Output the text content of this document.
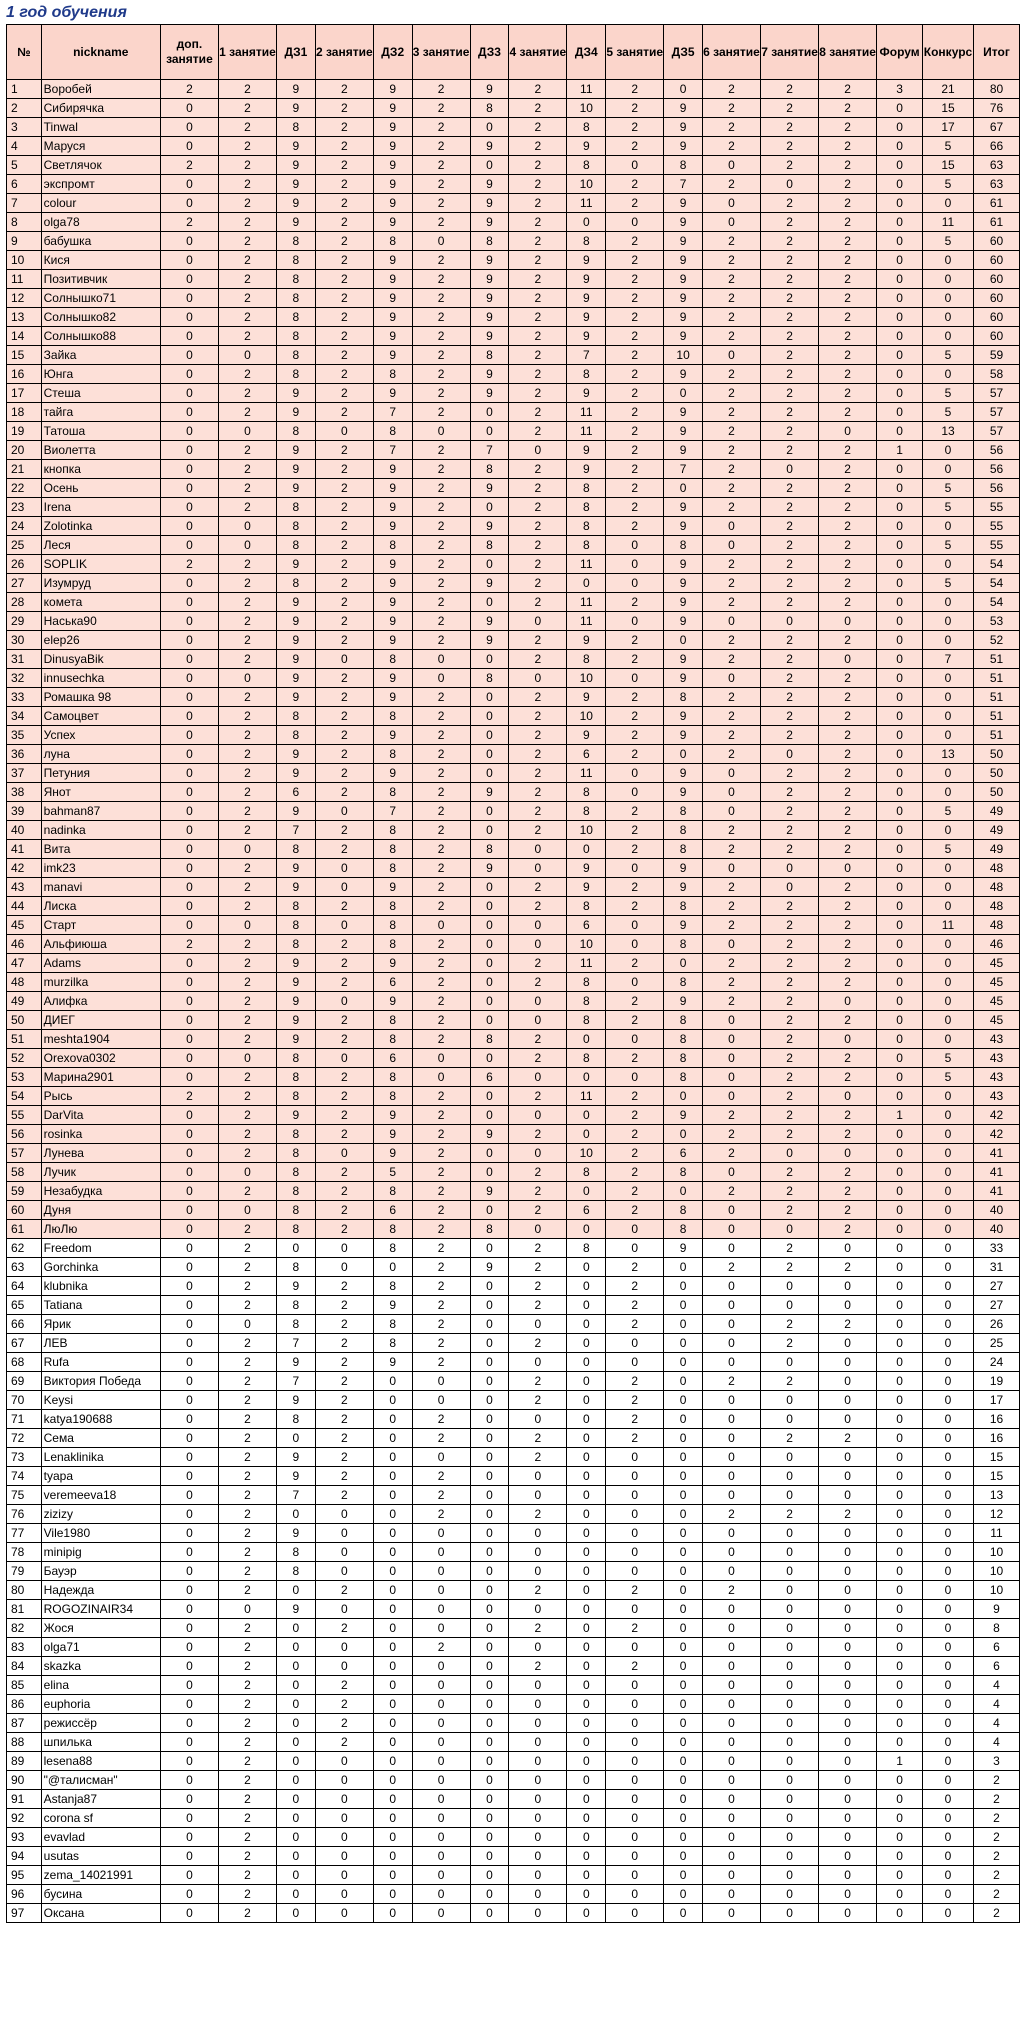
1 год обучения
№	nickname	доп. занятие	1 занятие	ДЗ1	2 занятие	ДЗ2	3 занятие	ДЗ3	4 занятие	ДЗ4	5 занятие	ДЗ5	6 занятие	7 занятие	8 занятие	Форум	Конкурс	Итог
1	Воробей	2	2	9	2	9	2	9	2	11	2	0	2	2	2	3	21	80
2	Сибирячка	0	2	9	2	9	2	8	2	10	2	9	2	2	2	0	15	76
3	Tinwal	0	2	8	2	9	2	0	2	8	2	9	2	2	2	0	17	67
4	Маруся	0	2	9	2	9	2	9	2	9	2	9	2	2	2	0	5	66
5	Светлячок	2	2	9	2	9	2	0	2	8	0	8	0	2	2	0	15	63
6	экспромт	0	2	9	2	9	2	9	2	10	2	7	2	0	2	0	5	63
7	colour	0	2	9	2	9	2	9	2	11	2	9	0	2	2	0	0	61
8	olga78	2	2	9	2	9	2	9	2	0	0	9	0	2	2	0	11	61
9	бабушка	0	2	8	2	8	0	8	2	8	2	9	2	2	2	0	5	60
10	Кися	0	2	8	2	9	2	9	2	9	2	9	2	2	2	0	0	60
11	Позитивчик	0	2	8	2	9	2	9	2	9	2	9	2	2	2	0	0	60
12	Солнышко71	0	2	8	2	9	2	9	2	9	2	9	2	2	2	0	0	60
13	Солнышко82	0	2	8	2	9	2	9	2	9	2	9	2	2	2	0	0	60
14	Солнышко88	0	2	8	2	9	2	9	2	9	2	9	2	2	2	0	0	60
15	Зайка	0	0	8	2	9	2	8	2	7	2	10	0	2	2	0	5	59
16	Юнга	0	2	8	2	8	2	9	2	8	2	9	2	2	2	0	0	58
17	Стеша	0	2	9	2	9	2	9	2	9	2	0	2	2	2	0	5	57
18	тайга	0	2	9	2	7	2	0	2	11	2	9	2	2	2	0	5	57
19	Татоша	0	0	8	0	8	0	0	2	11	2	9	2	2	0	0	13	57
20	Виолетта	0	2	9	2	7	2	7	0	9	2	9	2	2	2	1	0	56
21	кнопка	0	2	9	2	9	2	8	2	9	2	7	2	0	2	0	0	56
22	Осень	0	2	9	2	9	2	9	2	8	2	0	2	2	2	0	5	56
23	Irena	0	2	8	2	9	2	0	2	8	2	9	2	2	2	0	5	55
24	Zolotinka	0	0	8	2	9	2	9	2	8	2	9	0	2	2	0	0	55
25	Леся	0	0	8	2	8	2	8	2	8	0	8	0	2	2	0	5	55
26	SOPLIK	2	2	9	2	9	2	0	2	11	0	9	2	2	2	0	0	54
27	Изумруд	0	2	8	2	9	2	9	2	0	0	9	2	2	2	0	5	54
28	комета	0	2	9	2	9	2	0	2	11	2	9	2	2	2	0	0	54
29	Наська90	0	2	9	2	9	2	9	0	11	0	9	0	0	0	0	0	53
30	elep26	0	2	9	2	9	2	9	2	9	2	0	2	2	2	0	0	52
31	DinusyaBik	0	2	9	0	8	0	0	2	8	2	9	2	2	0	0	7	51
32	innusechka	0	0	9	2	9	0	8	0	10	0	9	0	2	2	0	0	51
33	Ромашка 98	0	2	9	2	9	2	0	2	9	2	8	2	2	2	0	0	51
34	Самоцвет	0	2	8	2	8	2	0	2	10	2	9	2	2	2	0	0	51
35	Успех	0	2	8	2	9	2	0	2	9	2	9	2	2	2	0	0	51
36	луна	0	2	9	2	8	2	0	2	6	2	0	2	0	2	0	13	50
37	Петуния	0	2	9	2	9	2	0	2	11	0	9	0	2	2	0	0	50
38	Янот	0	2	6	2	8	2	9	2	8	0	9	0	2	2	0	0	50
39	bahman87	0	2	9	0	7	2	0	2	8	2	8	0	2	2	0	5	49
40	nadinka	0	2	7	2	8	2	0	2	10	2	8	2	2	2	0	0	49
41	Вита	0	0	8	2	8	2	8	0	0	2	8	2	2	2	0	5	49
42	imk23	0	2	9	0	8	2	9	0	9	0	9	0	0	0	0	0	48
43	manavi	0	2	9	0	9	2	0	2	9	2	9	2	0	2	0	0	48
44	Лиска	0	2	8	2	8	2	0	2	8	2	8	2	2	2	0	0	48
45	Старт	0	0	8	0	8	0	0	0	6	0	9	2	2	2	0	11	48
46	Альфиюша	2	2	8	2	8	2	0	0	10	0	8	0	2	2	0	0	46
47	Adams	0	2	9	2	9	2	0	2	11	2	0	2	2	2	0	0	45
48	murzilka	0	2	9	2	6	2	0	2	8	0	8	2	2	2	0	0	45
49	Алифка	0	2	9	0	9	2	0	0	8	2	9	2	2	0	0	0	45
50	ДИЕГ	0	2	9	2	8	2	0	0	8	2	8	0	2	2	0	0	45
51	meshta1904	0	2	9	2	8	2	8	2	0	0	8	0	2	0	0	0	43
52	Orexova0302	0	0	8	0	6	0	0	2	8	2	8	0	2	2	0	5	43
53	Марина2901	0	2	8	2	8	0	6	0	0	0	8	0	2	2	0	5	43
54	Рысь	2	2	8	2	8	2	0	2	11	2	0	0	2	0	0	0	43
55	DarVita	0	2	9	2	9	2	0	0	0	2	9	2	2	2	1	0	42
56	rosinka	0	2	8	2	9	2	9	2	0	2	0	2	2	2	0	0	42
57	Лунева	0	2	8	0	9	2	0	0	10	2	6	2	0	0	0	0	41
58	Лучик	0	0	8	2	5	2	0	2	8	2	8	0	2	2	0	0	41
59	Незабудка	0	2	8	2	8	2	9	2	0	2	0	2	2	2	0	0	41
60	Дуня	0	0	8	2	6	2	0	2	6	2	8	0	2	2	0	0	40
61	ЛюЛю	0	2	8	2	8	2	8	0	0	0	8	0	0	2	0	0	40
62	Freedom	0	2	0	0	8	2	0	2	8	0	9	0	2	0	0	0	33
63	Gorchinka	0	2	8	0	0	2	9	2	0	2	0	2	2	2	0	0	31
64	klubnika	0	2	9	2	8	2	0	2	0	2	0	0	0	0	0	0	27
65	Tatiana	0	2	8	2	9	2	0	2	0	2	0	0	0	0	0	0	27
66	Ярик	0	0	8	2	8	2	0	0	0	2	0	0	2	2	0	0	26
67	ЛЕВ	0	2	7	2	8	2	0	2	0	0	0	0	2	0	0	0	25
68	Rufa	0	2	9	2	9	2	0	0	0	0	0	0	0	0	0	0	24
69	Виктория Победа	0	2	7	2	0	0	0	2	0	2	0	2	2	0	0	0	19
70	Keysi	0	2	9	2	0	0	0	2	0	2	0	0	0	0	0	0	17
71	katya190688	0	2	8	2	0	2	0	0	0	2	0	0	0	0	0	0	16
72	Сема	0	2	0	2	0	2	0	2	0	2	0	0	2	2	0	0	16
73	Lenaklinika	0	2	9	2	0	0	0	2	0	0	0	0	0	0	0	0	15
74	tyapa	0	2	9	2	0	2	0	0	0	0	0	0	0	0	0	0	15
75	veremeeva18	0	2	7	2	0	2	0	0	0	0	0	0	0	0	0	0	13
76	zizizy	0	2	0	0	0	2	0	2	0	0	0	2	2	2	0	0	12
77	Vile1980	0	2	9	0	0	0	0	0	0	0	0	0	0	0	0	0	11
78	minipig	0	2	8	0	0	0	0	0	0	0	0	0	0	0	0	0	10
79	Бауэр	0	2	8	0	0	0	0	0	0	0	0	0	0	0	0	0	10
80	Надежда	0	2	0	2	0	0	0	2	0	2	0	2	0	0	0	0	10
81	ROGOZINAIR34	0	0	9	0	0	0	0	0	0	0	0	0	0	0	0	0	9
82	Жося	0	2	0	2	0	0	0	2	0	2	0	0	0	0	0	0	8
83	olga71	0	2	0	0	0	2	0	0	0	0	0	0	0	0	0	0	6
84	skazka	0	2	0	0	0	0	0	2	0	2	0	0	0	0	0	0	6
85	elina	0	2	0	2	0	0	0	0	0	0	0	0	0	0	0	0	4
86	euphoria	0	2	0	2	0	0	0	0	0	0	0	0	0	0	0	0	4
87	режиссёр	0	2	0	2	0	0	0	0	0	0	0	0	0	0	0	0	4
88	шпилька	0	2	0	2	0	0	0	0	0	0	0	0	0	0	0	0	4
89	lesena88	0	2	0	0	0	0	0	0	0	0	0	0	0	0	1	0	3
90	"@талисман"	0	2	0	0	0	0	0	0	0	0	0	0	0	0	0	0	2
91	Astanja87	0	2	0	0	0	0	0	0	0	0	0	0	0	0	0	0	2
92	corona sf	0	2	0	0	0	0	0	0	0	0	0	0	0	0	0	0	2
93	evavlad	0	2	0	0	0	0	0	0	0	0	0	0	0	0	0	0	2
94	usutas	0	2	0	0	0	0	0	0	0	0	0	0	0	0	0	0	2
95	zema_14021991	0	2	0	0	0	0	0	0	0	0	0	0	0	0	0	0	2
96	бусина	0	2	0	0	0	0	0	0	0	0	0	0	0	0	0	0	2
97	Оксана	0	2	0	0	0	0	0	0	0	0	0	0	0	0	0	0	2
